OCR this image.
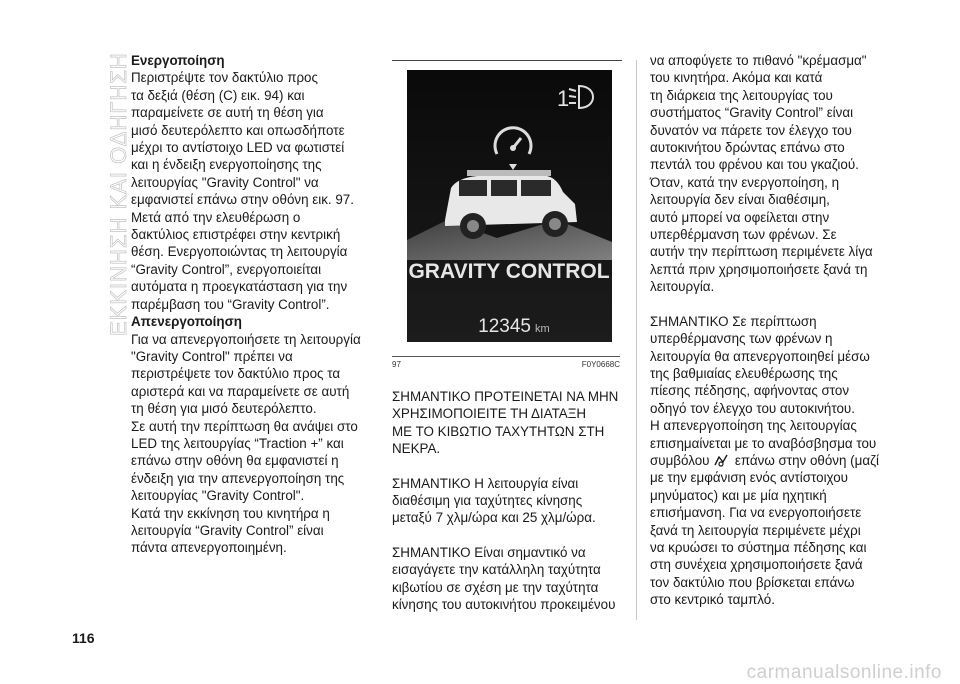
ΕΚΚΙΝΗΣΗ ΚΑΙ ΟΔΗΓΗΣΗ Ενεργοποίηση

Περιστρέψτε τον δακτύλιο προς
τα δεξιά (θέση (C) εικ. 94) και
παραμείνετε σε αυτή τη θέση για
μισό δευτερόλεπτο και οπωσδήποτε
μέχρι το αντίστοιχο LED να φωτιστεί
και η ένδειξη ενεργοποίησης της
λειτουργίας "Gravity Control" να
εμφανιστεί επάνω στην οθόνη εικ. 97.
Μετά από την ελευθέρωση ο
δακτύλιος επιστρέφει στην κεντρική
θέση. Ενεργοποιώντας τη λειτουργία
“Gravity Control”, ενεργοποιείται
αυτόματα η προεγκατάσταση για την
παρέμβαση του “Gravity Control”.

Απενεργοποίηση

Για να απενεργοποιήσετε τη λειτουργία
"Gravity Control" πρέπει να
περιστρέψετε τον δακτύλιο προς τα
αριστερά και να παραμείνετε σε αυτή
τη θέση για μισό δευτερόλεπτο.
Σε αυτή την περίπτωση θα ανάψει στο
LED της λειτουργίας “Traction +” και
επάνω στην οθόνη θα εμφανιστεί η
ένδειξη για την απενεργοποίηση της
λειτουργίας "Gravity Control".
Κατά την εκκίνηση του κινητήρα η
λειτουργία “Gravity Control” είναι
πάντα απενεργοποιημένη.

1
GRAVITY CONTROL
12345 km
97	F0Y0668C

ΣΗΜΑΝΤΙΚΟ ΠΡΟΤΕΙΝΕΤΑΙ ΝΑ ΜΗΝ
ΧΡΗΣΙΜΟΠΟΙΕΙΤΕ ΤΗ ΔΙΑΤΑΞΗ
ΜΕ ΤΟ ΚΙΒΩΤΙΟ ΤΑΧΥΤΗΤΩΝ ΣΤΗ
ΝΕΚΡΑ.

ΣΗΜΑΝΤΙΚΟ Η λειτουργία είναι
διαθέσιμη για ταχύτητες κίνησης
μεταξύ 7 χλμ/ώρα και 25 χλμ/ώρα.

ΣΗΜΑΝΤΙΚΟ Είναι σημαντικό να
εισαγάγετε την κατάλληλη ταχύτητα
κιβωτίου σε σχέση με την ταχύτητα
κίνησης του αυτοκινήτου προκειμένου

να αποφύγετε το πιθανό "κρέμασμα"
του κινητήρα. Ακόμα και κατά
τη διάρκεια της λειτουργίας του
συστήματος “Gravity Control” είναι
δυνατόν να πάρετε τον έλεγχο του
αυτοκινήτου δρώντας επάνω στο
πεντάλ του φρένου και του γκαζιού.
Όταν, κατά την ενεργοποίηση, η
λειτουργία δεν είναι διαθέσιμη,
αυτό μπορεί να οφείλεται στην
υπερθέρμανση των φρένων. Σε
αυτήν την περίπτωση περιμένετε λίγα
λεπτά πριν χρησιμοποιήσετε ξανά τη
λειτουργία.

ΣΗΜΑΝΤΙΚΟ Σε περίπτωση
υπερθέρμανσης των φρένων η
λειτουργία θα απενεργοποιηθεί μέσω
της βαθμιαίας ελευθέρωσης της
πίεσης πέδησης, αφήνοντας στον
οδηγό τον έλεγχο του αυτοκινήτου.
Η απενεργοποίηση της λειτουργίας
επισημαίνεται με το αναβόσβησμα του
συμβόλου  επάνω στην οθόνη (μαζί
με την εμφάνιση ενός αντίστοιχου
μηνύματος) και με μία ηχητική
επισήμανση. Για να ενεργοποιήσετε
ξανά τη λειτουργία περιμένετε μέχρι
να κρυώσει το σύστημα πέδησης και
στη συνέχεια χρησιμοποιήσετε ξανά
τον δακτύλιο που βρίσκεται επάνω
στο κεντρικό ταμπλό.

116
carmanualsonline.info
